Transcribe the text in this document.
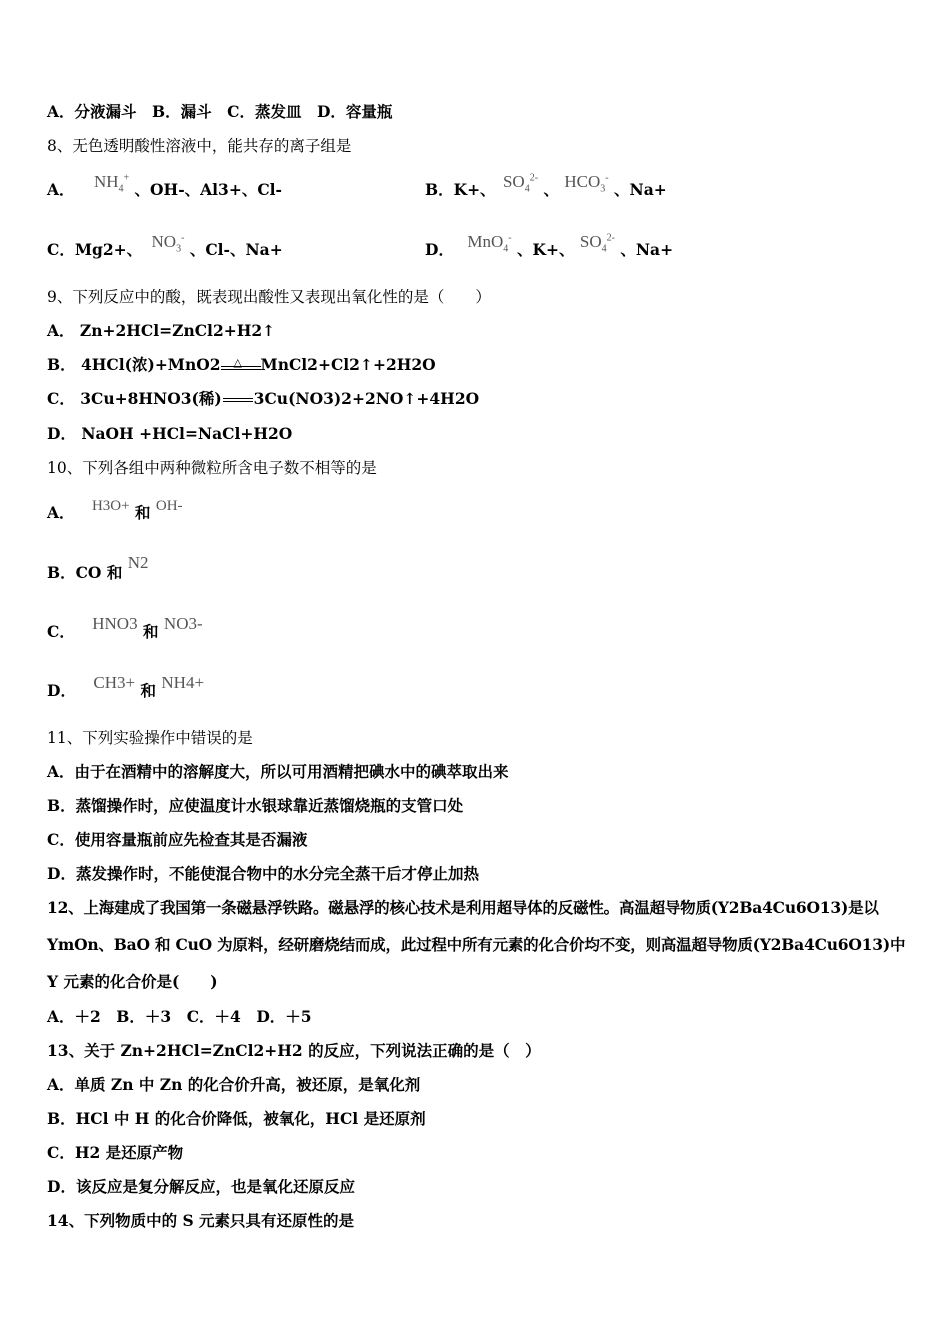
A．分液漏斗　B．漏斗　C．蒸发皿　D．容量瓶
8、无色透明酸性溶液中，能共存的离子组是
A． $NH_4^+$ 、OH-、Al3+、Cl-	B．K+、 $SO_4^{2-}$ 、 $HCO_3^-$ 、Na+
C．Mg2+、 $NO_3^-$ 、Cl-、Na+	D． MnO$_4$- 、K+、 $SO_4^{2-}$ 、Na+
9、下列反应中的酸，既表现出酸性又表现出氧化性的是（　　）
A． Zn+2HCl=ZnCl2+H2↑
B． 4HCl(浓)+MnO2 △ MnCl2+Cl2↑+2H2O
C． 3Cu+8HNO3(稀) 3Cu(NO3)2+2NO↑+4H2O
D． NaOH +HCl=NaCl+H2O
10、下列各组中两种微粒所含电子数不相等的是
A． H3O+ 和 OH-
B．CO 和 N2
C． HNO3 和 NO3-
D． CH3+ 和 NH4+
11、下列实验操作中错误的是
A．由于在酒精中的溶解度大，所以可用酒精把碘水中的碘萃取出来
B．蒸馏操作时，应使温度计水银球靠近蒸馏烧瓶的支管口处
C．使用容量瓶前应先检查其是否漏液
D．蒸发操作时，不能使混合物中的水分完全蒸干后才停止加热
12、上海建成了我国第一条磁悬浮铁路。磁悬浮的核心技术是利用超导体的反磁性。高温超导物质(Y2Ba4Cu6O13)是以
YmOn、BaO 和 CuO 为原料，经研磨烧结而成，此过程中所有元素的化合价均不变，则高温超导物质(Y2Ba4Cu6O13)中
Y 元素的化合价是(　　)
A．＋2　B．＋3　C．＋4　D．＋5
13、关于 Zn+2HCl=ZnCl2+H2 的反应，下列说法正确的是（　）
A．单质 Zn 中 Zn 的化合价升高，被还原，是氧化剂
B．HCl 中 H 的化合价降低，被氧化，HCl 是还原剂
C．H2 是还原产物
D．该反应是复分解反应，也是氧化还原反应
14、下列物质中的 S 元素只具有还原性的是
